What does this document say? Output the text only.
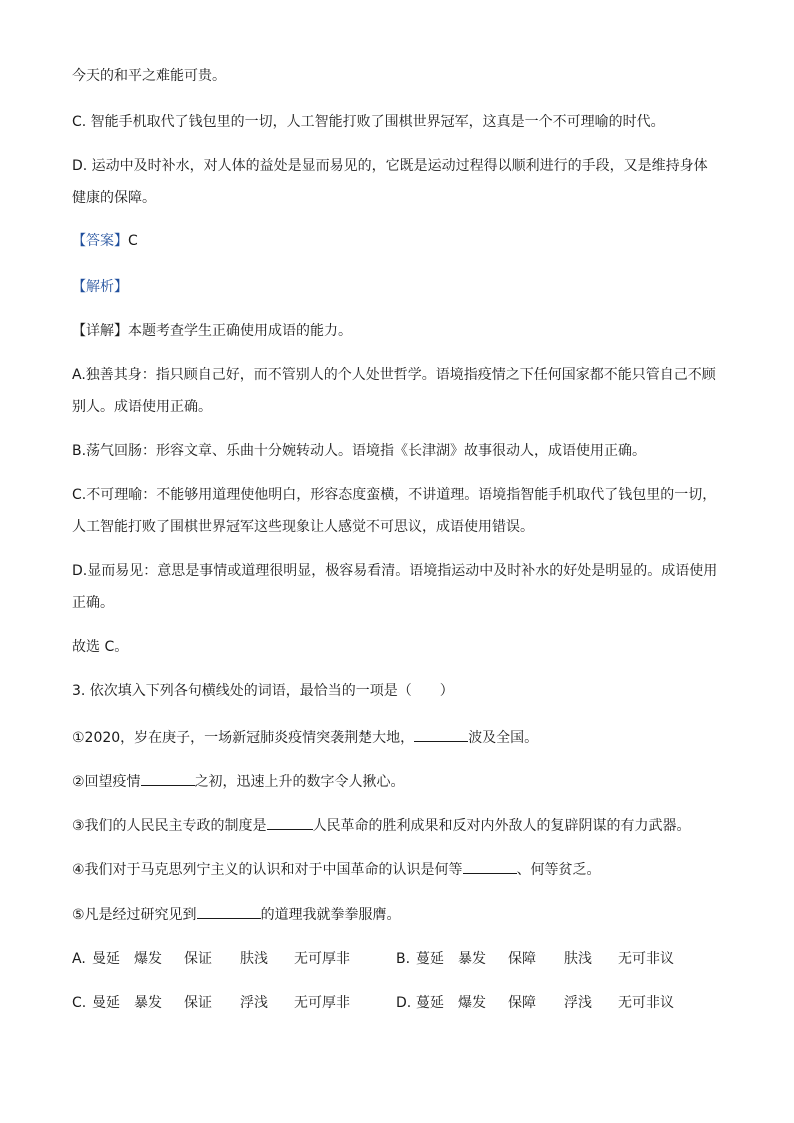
今天的和平之难能可贵。

C. 智能手机取代了钱包里的一切，人工智能打败了围棋世界冠军，这真是一个不可理喻的时代。

D. 运动中及时补水，对人体的益处是显而易见的，它既是运动过程得以顺利进行的手段，又是维持身体

健康的保障。

【答案】C

【解析】

【详解】本题考查学生正确使用成语的能力。

A.独善其身：指只顾自己好，而不管别人的个人处世哲学。语境指疫情之下任何国家都不能只管自己不顾

别人。成语使用正确。

B.荡气回肠：形容文章、乐曲十分婉转动人。语境指《长津湖》故事很动人，成语使用正确。

C.不可理喻：不能够用道理使他明白，形容态度蛮横，不讲道理。语境指智能手机取代了钱包里的一切，

人工智能打败了围棋世界冠军这些现象让人感觉不可思议，成语使用错误。

D.显而易见：意思是事情或道理很明显，极容易看清。语境指运动中及时补水的好处是明显的。成语使用

正确。

故选 C。

3. 依次填入下列各句横线处的词语，最恰当的一项是（　　）

①2020，岁在庚子，一场新冠肺炎疫情突袭荆楚大地，	波及全国。

②回望疫情	之初，迅速上升的数字令人揪心。

③我们的人民民主专政的制度是	人民革命的胜利成果和反对内外敌人的复辟阴谋的有力武器。

④我们对于马克思列宁主义的认识和对于中国革命的认识是何等	、何等贫乏。

⑤凡是经过研究见到	的道理我就拳拳服膺。

A. 曼延 爆发 保证 肤浅 无可厚非	B. 蔓延 暴发 保障 肤浅 无可非议
C. 曼延 暴发 保证 浮浅 无可厚非	D. 蔓延 爆发 保障 浮浅 无可非议
